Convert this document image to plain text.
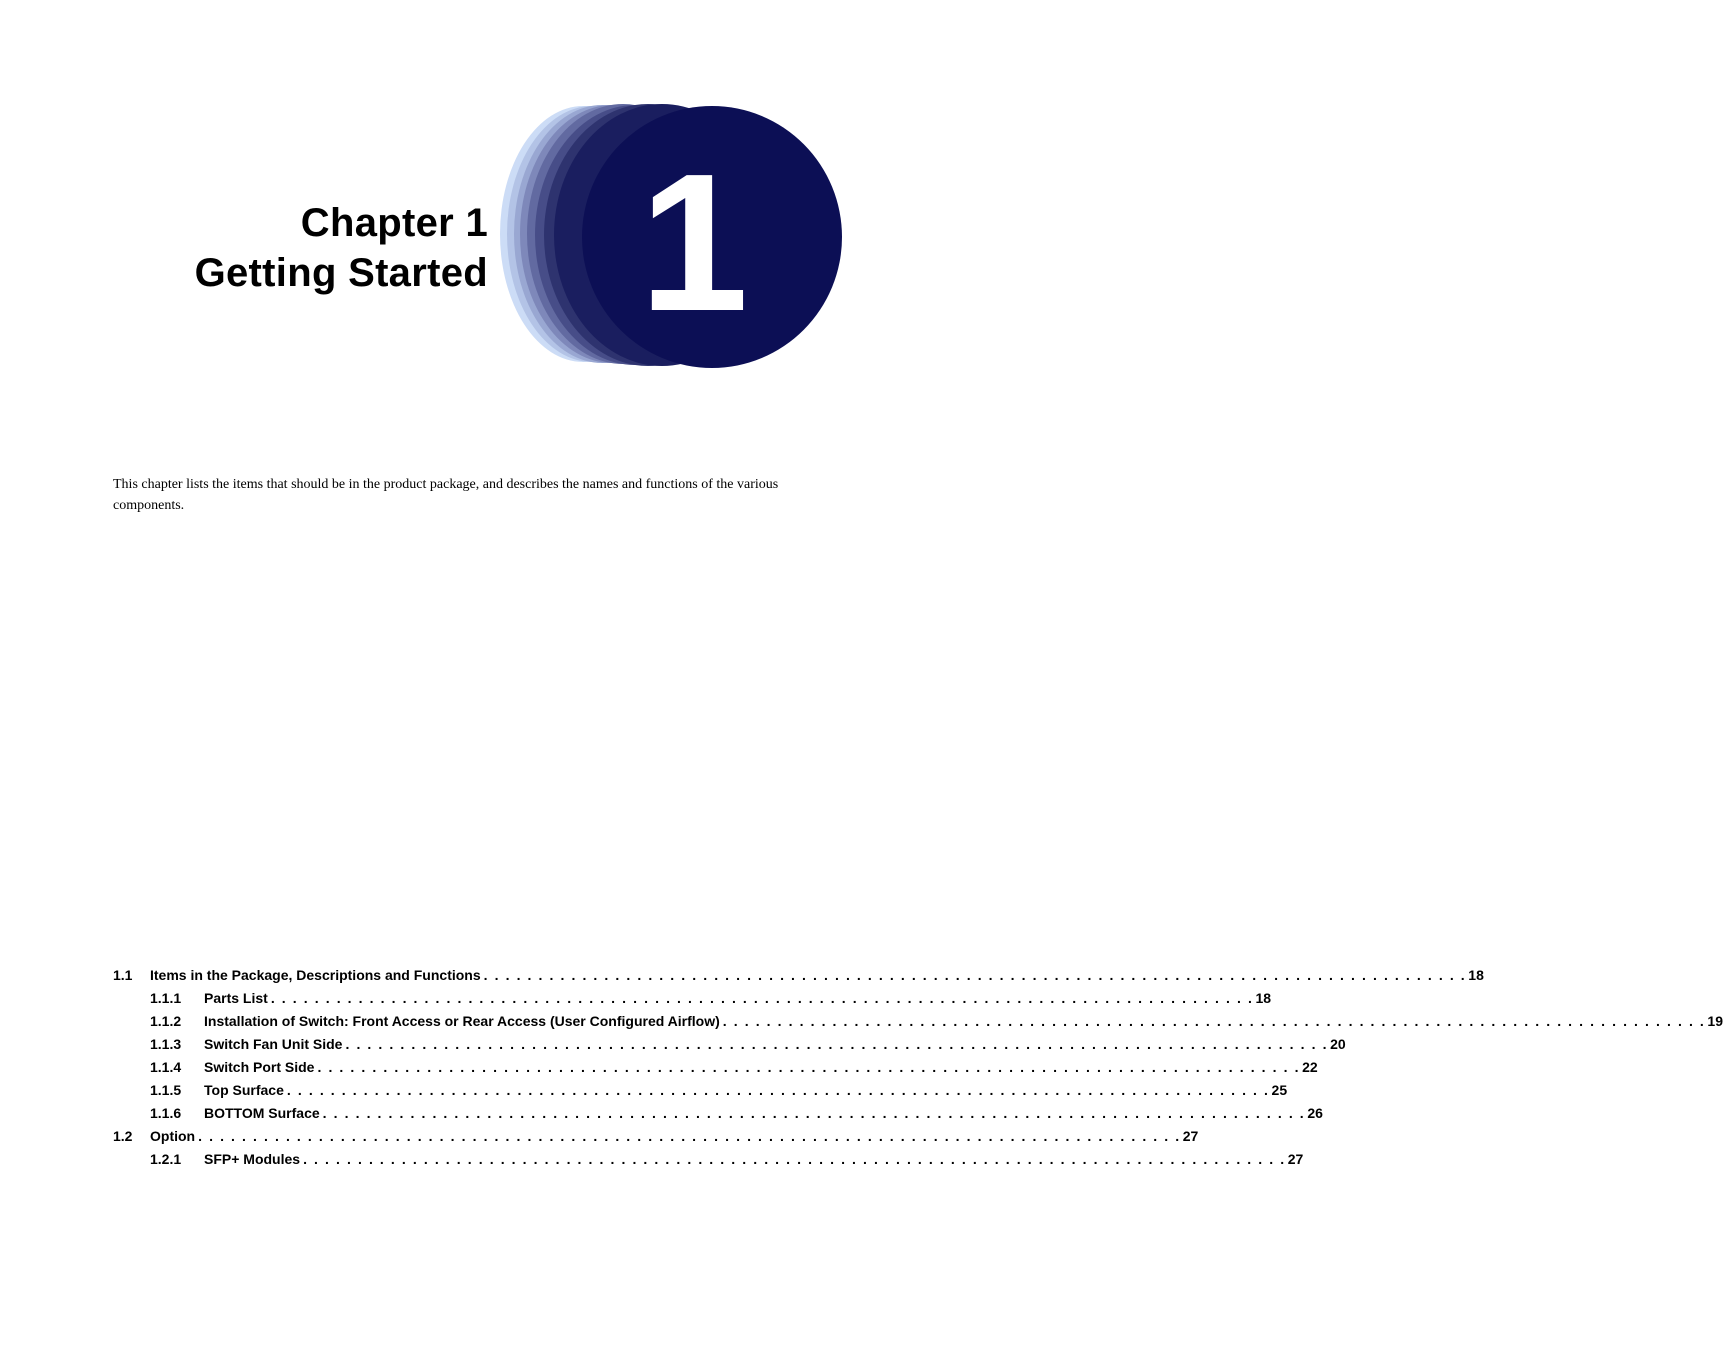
Chapter 1
Getting Started 1

This chapter lists the items that should be in the product package, and describes the names and functions of the various components.

1.1 Items in the Package, Descriptions and Functions . . . . . . . . . . . . . . . . . . . . . . . . . . . . . . . . . . . . . . . . . . . . . . . . . . . . . . . . . . . . . . . . . . . . . . . . . . . . . . . . . . . . . . . . . . 18
1.1.1 Parts List . . . . . . . . . . . . . . . . . . . . . . . . . . . . . . . . . . . . . . . . . . . . . . . . . . . . . . . . . . . . . . . . . . . . . . . . . . . . . . . . . . . . . . . . . . 18
1.1.2 Installation of Switch: Front Access or Rear Access (User Configured Airflow) . . . . . . . . . . . . . . . . . . . . . . . . . . . . . . . . . . . . . . . . . . . . . . . . . . . . . . . . . . . . . . . . . . . . . . . . . . . . . . . . . . . . . . . . . . 19
1.1.3 Switch Fan Unit Side . . . . . . . . . . . . . . . . . . . . . . . . . . . . . . . . . . . . . . . . . . . . . . . . . . . . . . . . . . . . . . . . . . . . . . . . . . . . . . . . . . . . . . . . . . 20
1.1.4 Switch Port Side . . . . . . . . . . . . . . . . . . . . . . . . . . . . . . . . . . . . . . . . . . . . . . . . . . . . . . . . . . . . . . . . . . . . . . . . . . . . . . . . . . . . . . . . . . 22
1.1.5 Top Surface . . . . . . . . . . . . . . . . . . . . . . . . . . . . . . . . . . . . . . . . . . . . . . . . . . . . . . . . . . . . . . . . . . . . . . . . . . . . . . . . . . . . . . . . . . 25
1.1.6 BOTTOM Surface . . . . . . . . . . . . . . . . . . . . . . . . . . . . . . . . . . . . . . . . . . . . . . . . . . . . . . . . . . . . . . . . . . . . . . . . . . . . . . . . . . . . . . . . . . 26
1.2 Option . . . . . . . . . . . . . . . . . . . . . . . . . . . . . . . . . . . . . . . . . . . . . . . . . . . . . . . . . . . . . . . . . . . . . . . . . . . . . . . . . . . . . . . . . . 27
1.2.1 SFP+ Modules . . . . . . . . . . . . . . . . . . . . . . . . . . . . . . . . . . . . . . . . . . . . . . . . . . . . . . . . . . . . . . . . . . . . . . . . . . . . . . . . . . . . . . . . . . 27
